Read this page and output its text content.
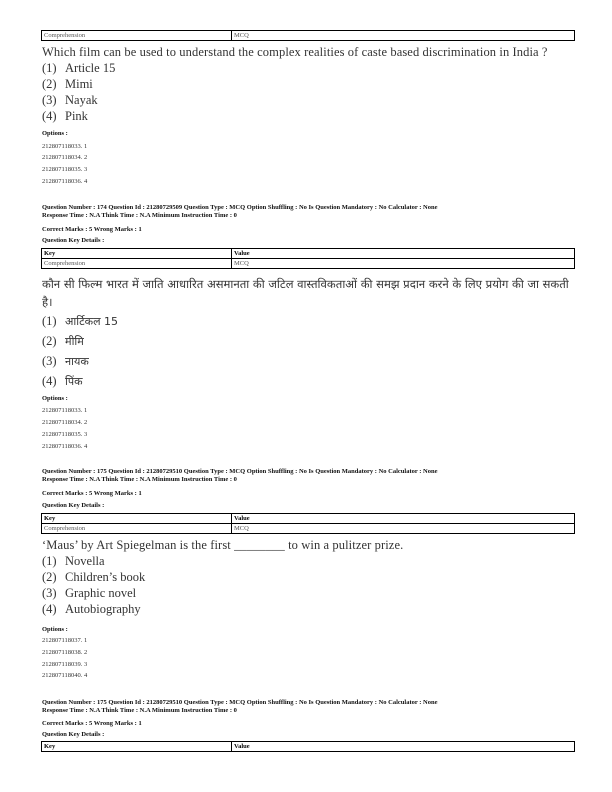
Comprehension	MCQ
Which film can be used to understand the complex realities of caste based discrimination in India ?
(1) Article 15
(2) Mimi
(3) Nayak
(4) Pink
Options :
212807118033. 1
212807118034. 2
212807118035. 3
212807118036. 4
Question Number : 174 Question Id : 21280729509 Question Type : MCQ Option Shuffling : No Is Question Mandatory : No Calculator : None
Response Time : N.A Think Time : N.A Minimum Instruction Time : 0
Correct Marks : 5 Wrong Marks : 1
Question Key Details :
Key	Value
Comprehension	MCQ
कौन सी फिल्म भारत में जाति आधारित असमानता की जटिल वास्तविकताओं की समझ प्रदान करने के लिए प्रयोग की जा सकती है।
(1) आर्टिकल 15
(2) मीमि
(3) नायक
(4) पिंक
Options :
212807118033. 1
212807118034. 2
212807118035. 3
212807118036. 4
Question Number : 175 Question Id : 21280729510 Question Type : MCQ Option Shuffling : No Is Question Mandatory : No Calculator : None
Response Time : N.A Think Time : N.A Minimum Instruction Time : 0
Correct Marks : 5 Wrong Marks : 1
Question Key Details :
Key	Value
Comprehension	MCQ
‘Maus’ by Art Spiegelman is the first ________ to win a pulitzer prize.
(1) Novella
(2) Children’s book
(3) Graphic novel
(4) Autobiography
Options :
212807118037. 1
212807118038. 2
212807118039. 3
212807118040. 4
Question Number : 175 Question Id : 21280729510 Question Type : MCQ Option Shuffling : No Is Question Mandatory : No Calculator : None
Response Time : N.A Think Time : N.A Minimum Instruction Time : 0
Correct Marks : 5 Wrong Marks : 1
Question Key Details :
Key	Value
